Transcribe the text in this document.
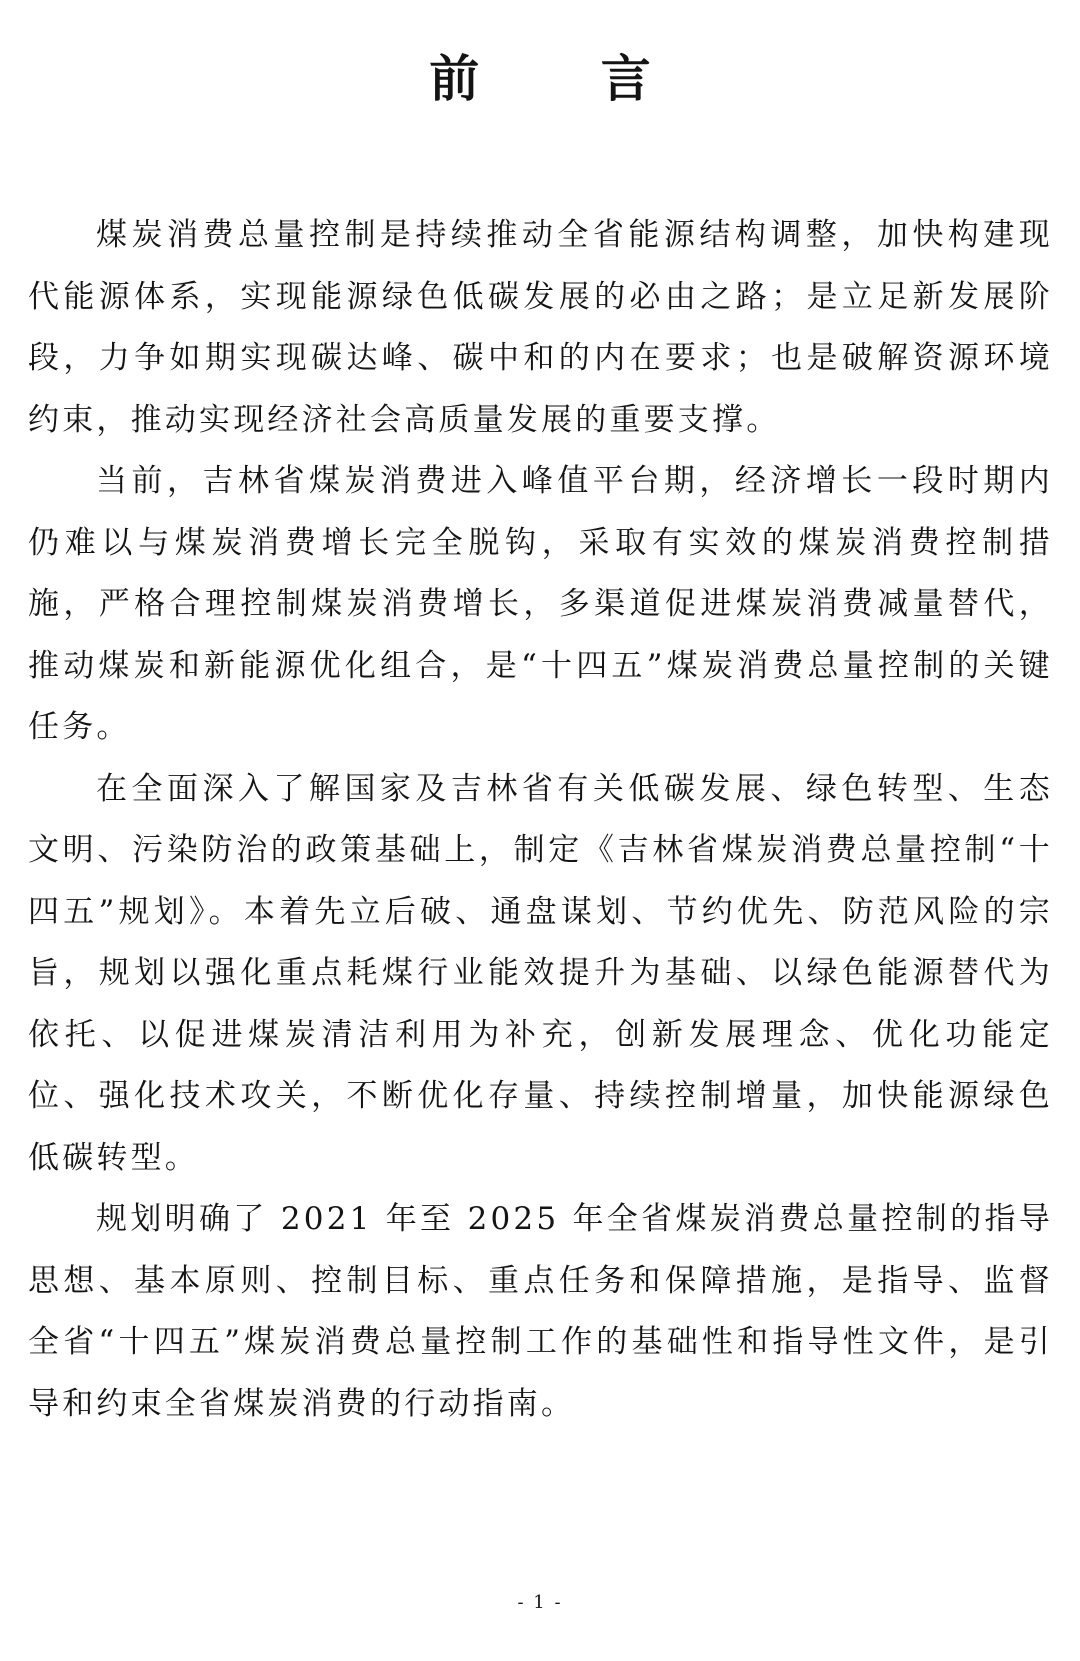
前 言

煤炭消费总量控制是持续推动全省能源结构调整，加快构建现代能源体系，实现能源绿色低碳发展的必由之路；是立足新发展阶段，力争如期实现碳达峰、碳中和的内在要求；也是破解资源环境约束，推动实现经济社会高质量发展的重要支撑。

当前，吉林省煤炭消费进入峰值平台期，经济增长一段时期内仍难以与煤炭消费增长完全脱钩，采取有实效的煤炭消费控制措施，严格合理控制煤炭消费增长，多渠道促进煤炭消费减量替代，推动煤炭和新能源优化组合，是“十四五”煤炭消费总量控制的关键任务。

在全面深入了解国家及吉林省有关低碳发展、绿色转型、生态文明、污染防治的政策基础上，制定《吉林省煤炭消费总量控制“十四五”规划》。本着先立后破、通盘谋划、节约优先、防范风险的宗旨，规划以强化重点耗煤行业能效提升为基础、以绿色能源替代为依托、以促进煤炭清洁利用为补充，创新发展理念、优化功能定位、强化技术攻关，不断优化存量、持续控制增量，加快能源绿色低碳转型。

规划明确了 2021 年至 2025 年全省煤炭消费总量控制的指导思想、基本原则、控制目标、重点任务和保障措施，是指导、监督全省“十四五”煤炭消费总量控制工作的基础性和指导性文件，是引导和约束全省煤炭消费的行动指南。

- 1 -
